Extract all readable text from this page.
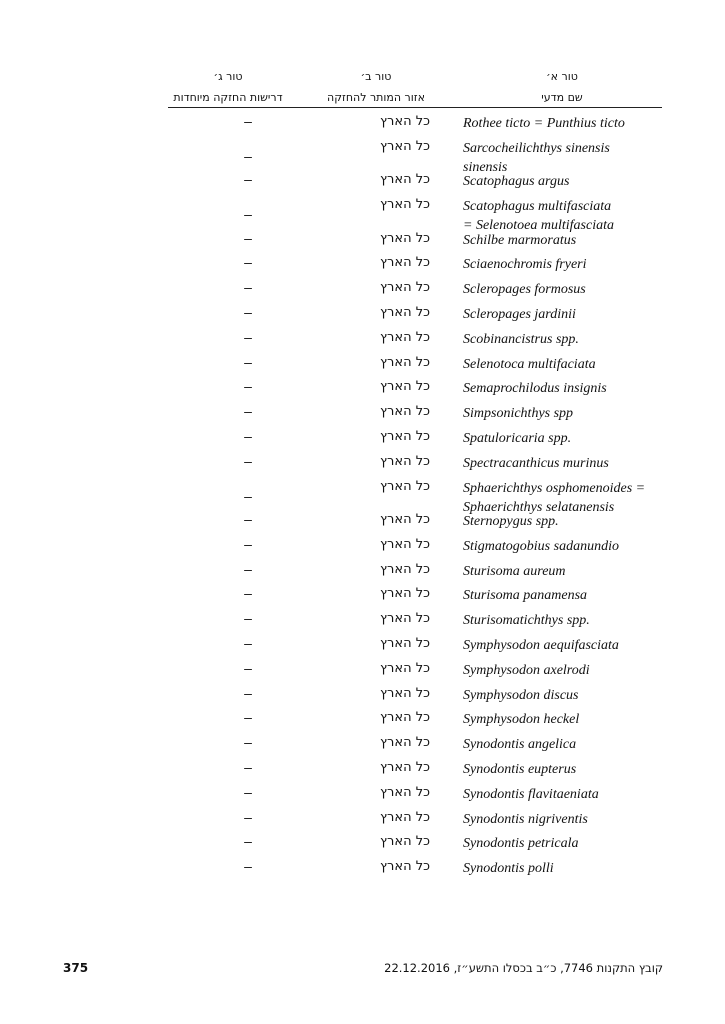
טור א׳
טור ב׳
טור ג׳
שם מדעי
אזור המותר להחזקה
דרישות החזקה מיוחדות
Rothee ticto = Punthius ticto
כל הארץ
–
Sarcocheilichthys sinensis
sinensis
כל הארץ
–
Scatophagus argus
כל הארץ
–
Scatophagus multifasciata
= Selenotoea multifasciata
כל הארץ
–
Schilbe marmoratus
כל הארץ
–
Sciaenochromis fryeri
כל הארץ
–
Scleropages formosus
כל הארץ
–
Scleropages jardinii
כל הארץ
–
Scobinancistrus spp.
כל הארץ
–
Selenotoca multifaciata
כל הארץ
–
Semaprochilodus insignis
כל הארץ
–
Simpsonichthys spp
כל הארץ
–
Spatuloricaria spp.
כל הארץ
–
Spectracanthicus murinus
כל הארץ
–
Sphaerichthys osphomenoides =
Sphaerichthys selatanensis
כל הארץ
–
Sternopygus spp.
כל הארץ
–
Stigmatogobius sadanundio
כל הארץ
–
Sturisoma aureum
כל הארץ
–
Sturisoma panamensa
כל הארץ
–
Sturisomatichthys spp.
כל הארץ
–
Symphysodon aequifasciata
כל הארץ
–
Symphysodon axelrodi
כל הארץ
–
Symphysodon discus
כל הארץ
–
Symphysodon heckel
כל הארץ
–
Synodontis angelica
כל הארץ
–
Synodontis eupterus
כל הארץ
–
Synodontis flavitaeniata
כל הארץ
–
Synodontis nigriventis
כל הארץ
–
Synodontis petricala
כל הארץ
–
Synodontis polli
כל הארץ
–
קובץ התקנות 7746, כ״ב בכסלו התשע״ז, 22.12.2016
375
